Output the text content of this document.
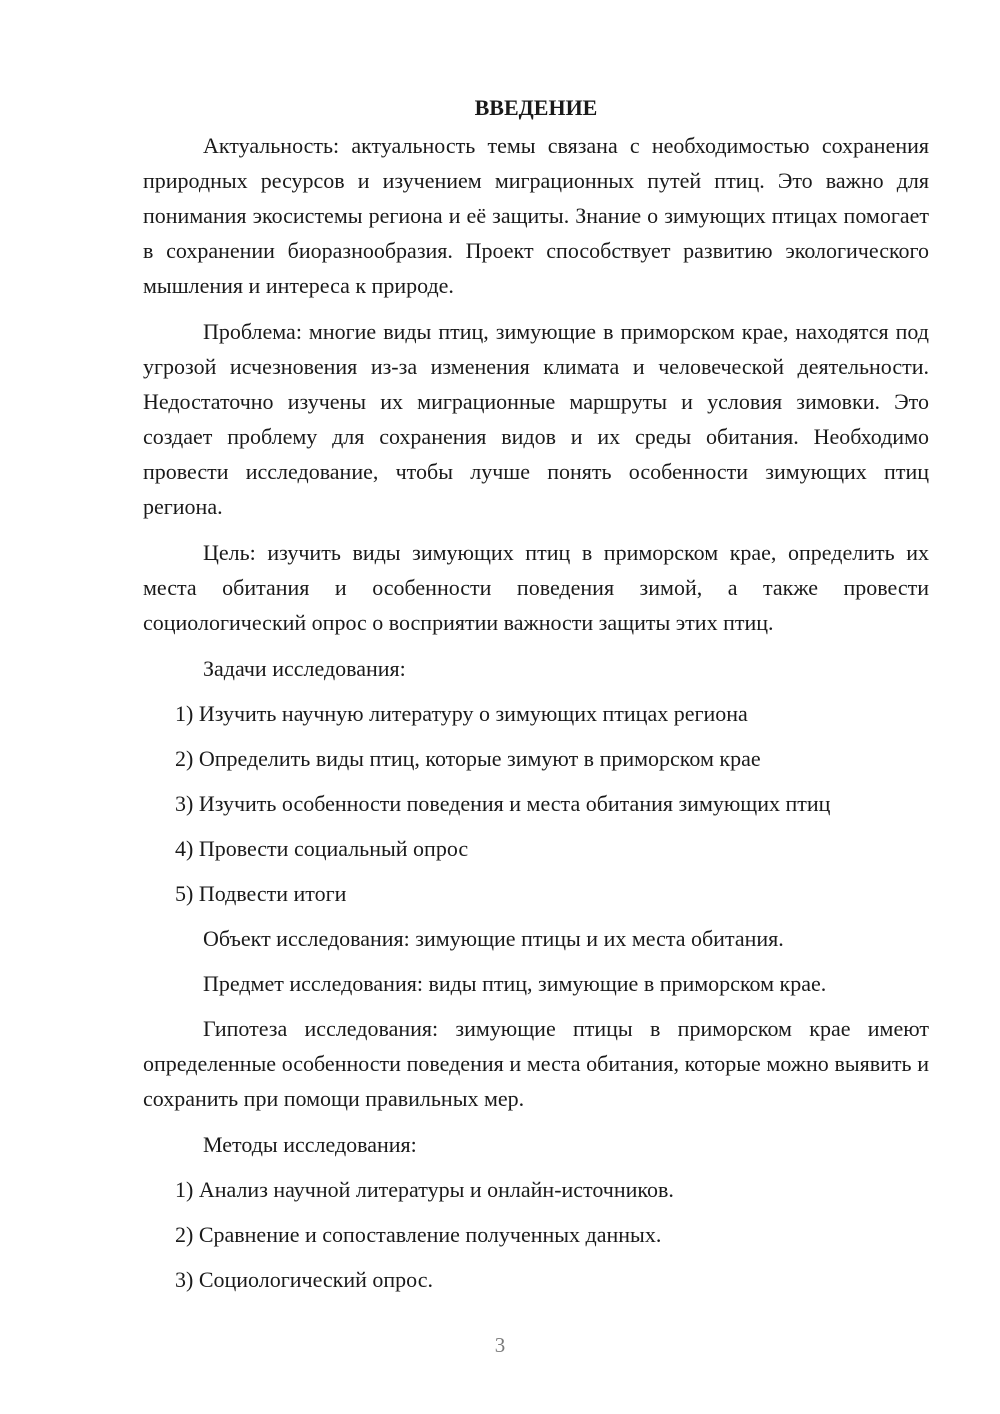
ВВЕДЕНИЕ

Актуальность: актуальность темы связана с необходимостью сохранения природных ресурсов и изучением миграционных путей птиц. Это важно для понимания экосистемы региона и её защиты. Знание о зимующих птицах помогает в сохранении биоразнообразия. Проект способствует развитию экологического мышления и интереса к природе.

Проблема: многие виды птиц, зимующие в приморском крае, находятся под угрозой исчезновения из-за изменения климата и человеческой деятельности. Недостаточно изучены их миграционные маршруты и условия зимовки. Это создает проблему для сохранения видов и их среды обитания. Необходимо провести исследование, чтобы лучше понять особенности зимующих птиц региона.

Цель: изучить виды зимующих птиц в приморском крае, определить их места обитания и особенности поведения зимой, а также провести социологический опрос о восприятии важности защиты этих птиц.

Задачи исследования:

1) Изучить научную литературу о зимующих птицах региона
2) Определить виды птиц, которые зимуют в приморском крае
3) Изучить особенности поведения и места обитания зимующих птиц
4) Провести социальный опрос
5) Подвести итоги

Объект исследования: зимующие птицы и их места обитания.

Предмет исследования: виды птиц, зимующие в приморском крае.

Гипотеза исследования: зимующие птицы в приморском крае имеют определенные особенности поведения и места обитания, которые можно выявить и сохранить при помощи правильных мер.

Методы исследования:

1) Анализ научной литературы и онлайн-источников.
2) Сравнение и сопоставление полученных данных.
3) Социологический опрос.
3
